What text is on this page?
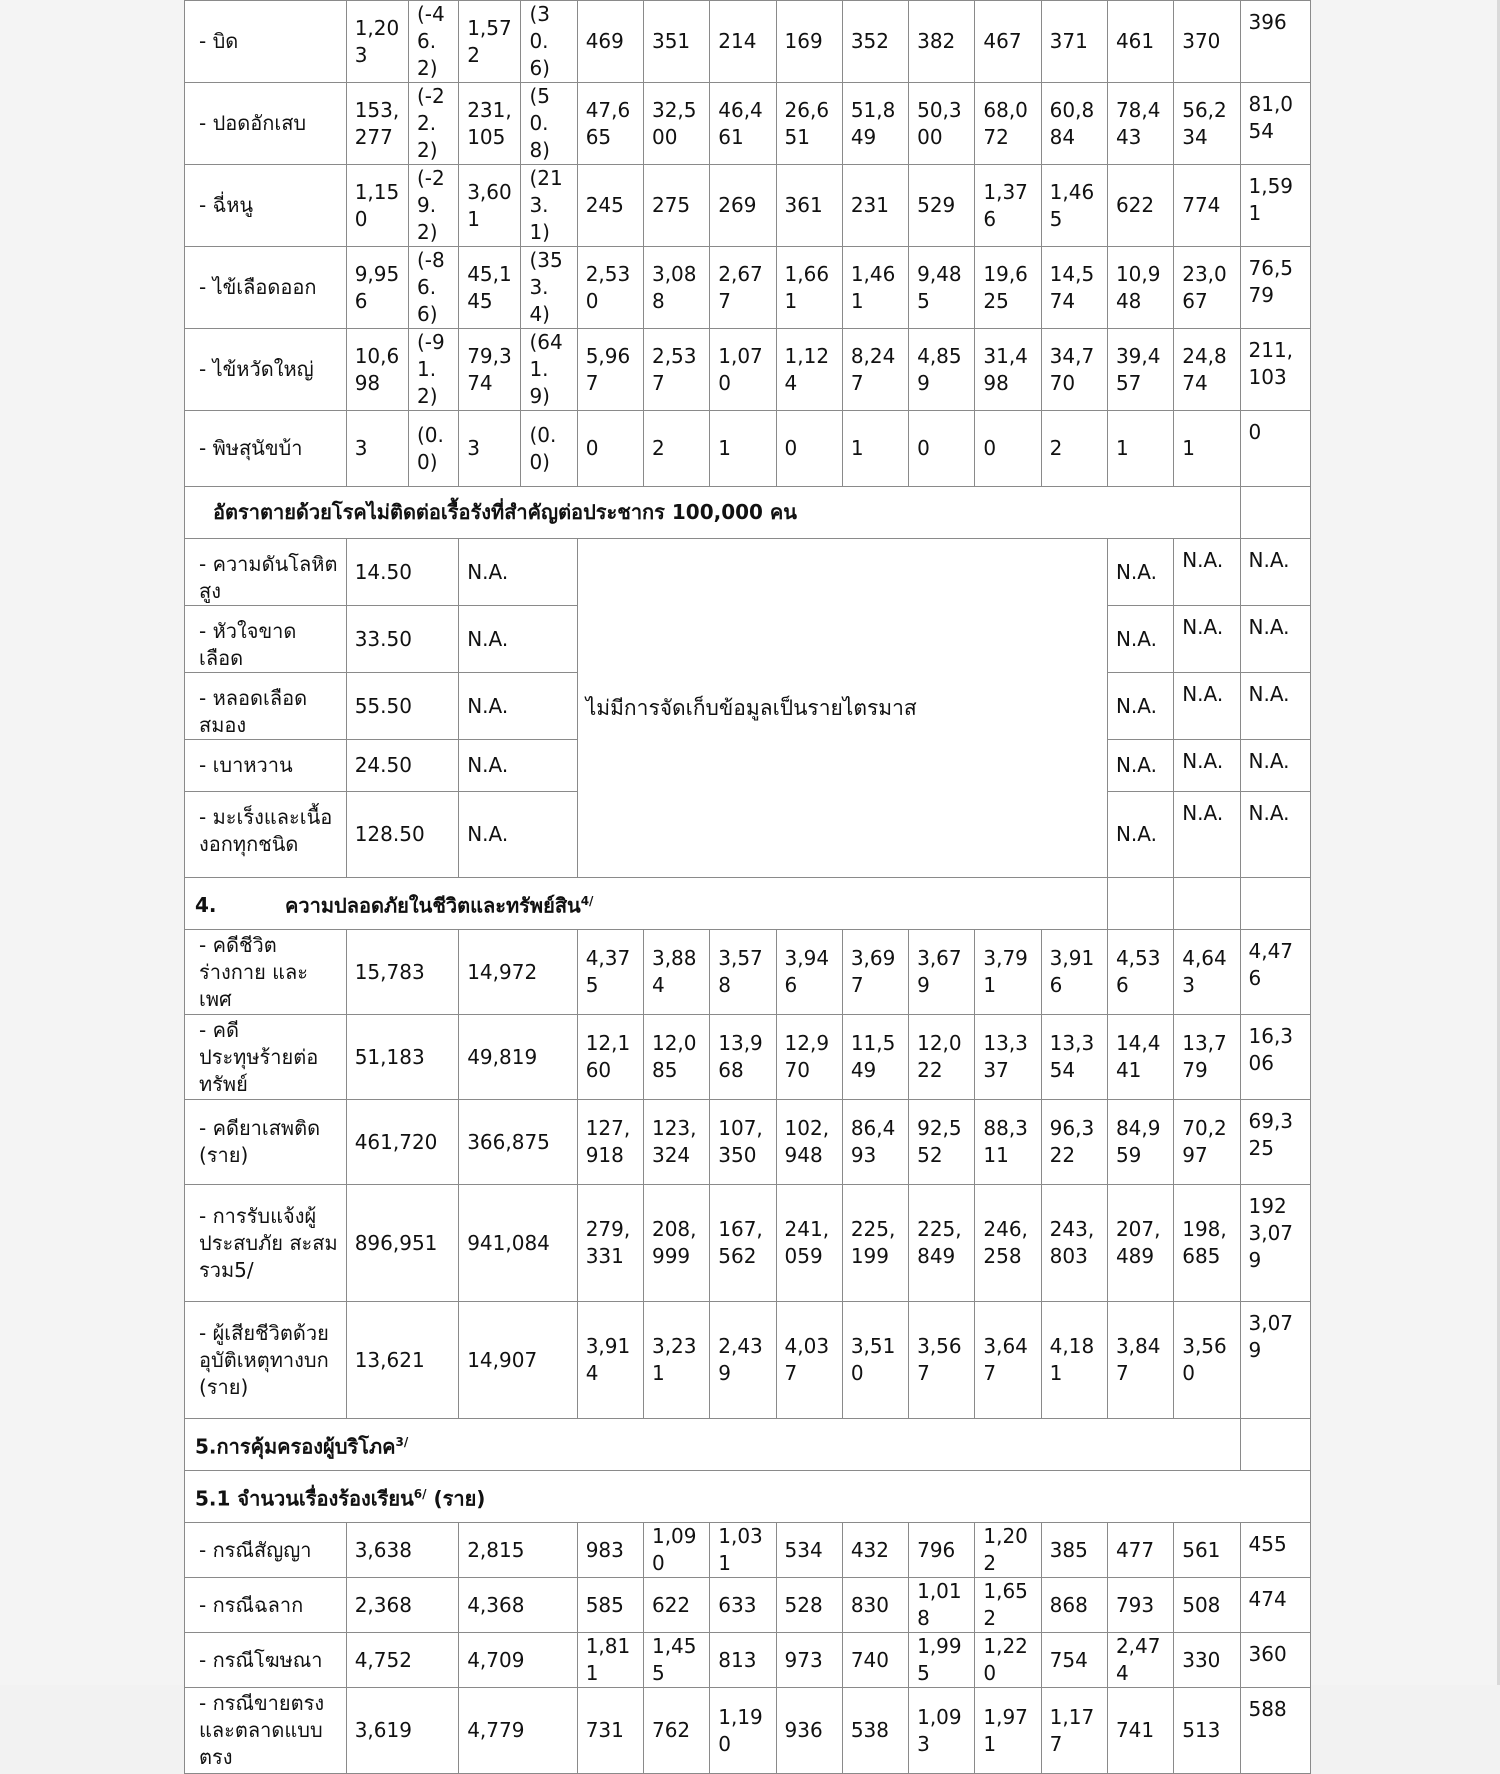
- บิด	1,203	(-46.2)	1,572	(30.6)	469	351	214	169	352	382	467	371	461	370	396
- ปอดอักเสบ	153,277	(-22.2)	231,105	(50.8)	47,665	32,500	46,461	26,651	51,849	50,300	68,072	60,884	78,443	56,234	81,054
- ฉี่หนู	1,150	(-29.2)	3,601	(213.1)	245	275	269	361	231	529	1,376	1,465	622	774	1,591
- ไข้เลือดออก	9,956	(-86.6)	45,145	(353.4)	2,530	3,088	2,677	1,661	1,461	9,485	19,625	14,574	10,948	23,067	76,579
- ไข้หวัดใหญ่	10,698	(-91.2)	79,374	(641.9)	5,967	2,537	1,070	1,124	8,247	4,859	31,498	34,770	39,457	24,874	211,103
- พิษสุนัขบ้า	3	(0.0)	3	(0.0)	0	2	1	0	1	0	0	2	1	1	0
อัตราตายด้วยโรคไม่ติดต่อเรื้อรังที่สำคัญต่อประชากร 100,000 คน															
- ความดันโลหิตสูง	14.50		N.A.		ไม่มีการจัดเก็บข้อมูลเป็นรายไตรมาส								N.A.	N.A.	N.A.
- หัวใจขาดเลือด	33.50		N.A.										N.A.	N.A.	N.A.
- หลอดเลือดสมอง	55.50		N.A.										N.A.	N.A.	N.A.
- เบาหวาน	24.50		N.A.										N.A.	N.A.	N.A.
- มะเร็งและเนื้องอกทุกชนิด	128.50		N.A.										N.A.	N.A.	N.A.
4. ความปลอดภัยในชีวิตและทรัพย์สิน$^{4/}$			
- คดีชีวิต ร่างกาย และเพศ	15,783		14,972		4,375	3,884	3,578	3,946	3,697	3,679	3,791	3,916	4,536	4,643	4,476
- คดี ประทุษร้ายต่อทรัพย์	51,183		49,819		12,160	12,085	13,968	12,970	11,549	12,022	13,337	13,354	14,441	13,779	16,306
- คดียาเสพติด (ราย)	461,720		366,875		127,918	123,324	107,350	102,948	86,493	92,552	88,311	96,322	84,959	70,297	69,325
- การรับแจ้งผู้ประสบภัย สะสมรวม5/	896,951		941,084		279,331	208,999	167,562	241,059	225,199	225,849	246,258	243,803	207,489	198,685	1923,079
- ผู้เสียชีวิตด้วยอุบัติเหตุทางบก (ราย)	13,621		14,907		3,914	3,231	2,439	4,037	3,510	3,567	3,647	4,181	3,847	3,560	3,079
5.การคุ้มครองผู้บริโภค$^{3/}$	
5.1 จำนวนเรื่องร้องเรียน$^{6/}$ (ราย)															
- กรณีสัญญา	3,638		2,815		983	1,090	1,031	534	432	796	1,202	385	477	561	455
- กรณีฉลาก	2,368		4,368		585	622	633	528	830	1,018	1,652	868	793	508	474
- กรณีโฆษณา	4,752		4,709		1,811	1,455	813	973	740	1,995	1,220	754	2,474	330	360
- กรณีขายตรงและตลาดแบบตรง	3,619		4,779		731	762	1,190	936	538	1,093	1,971	1,177	741	513	588
